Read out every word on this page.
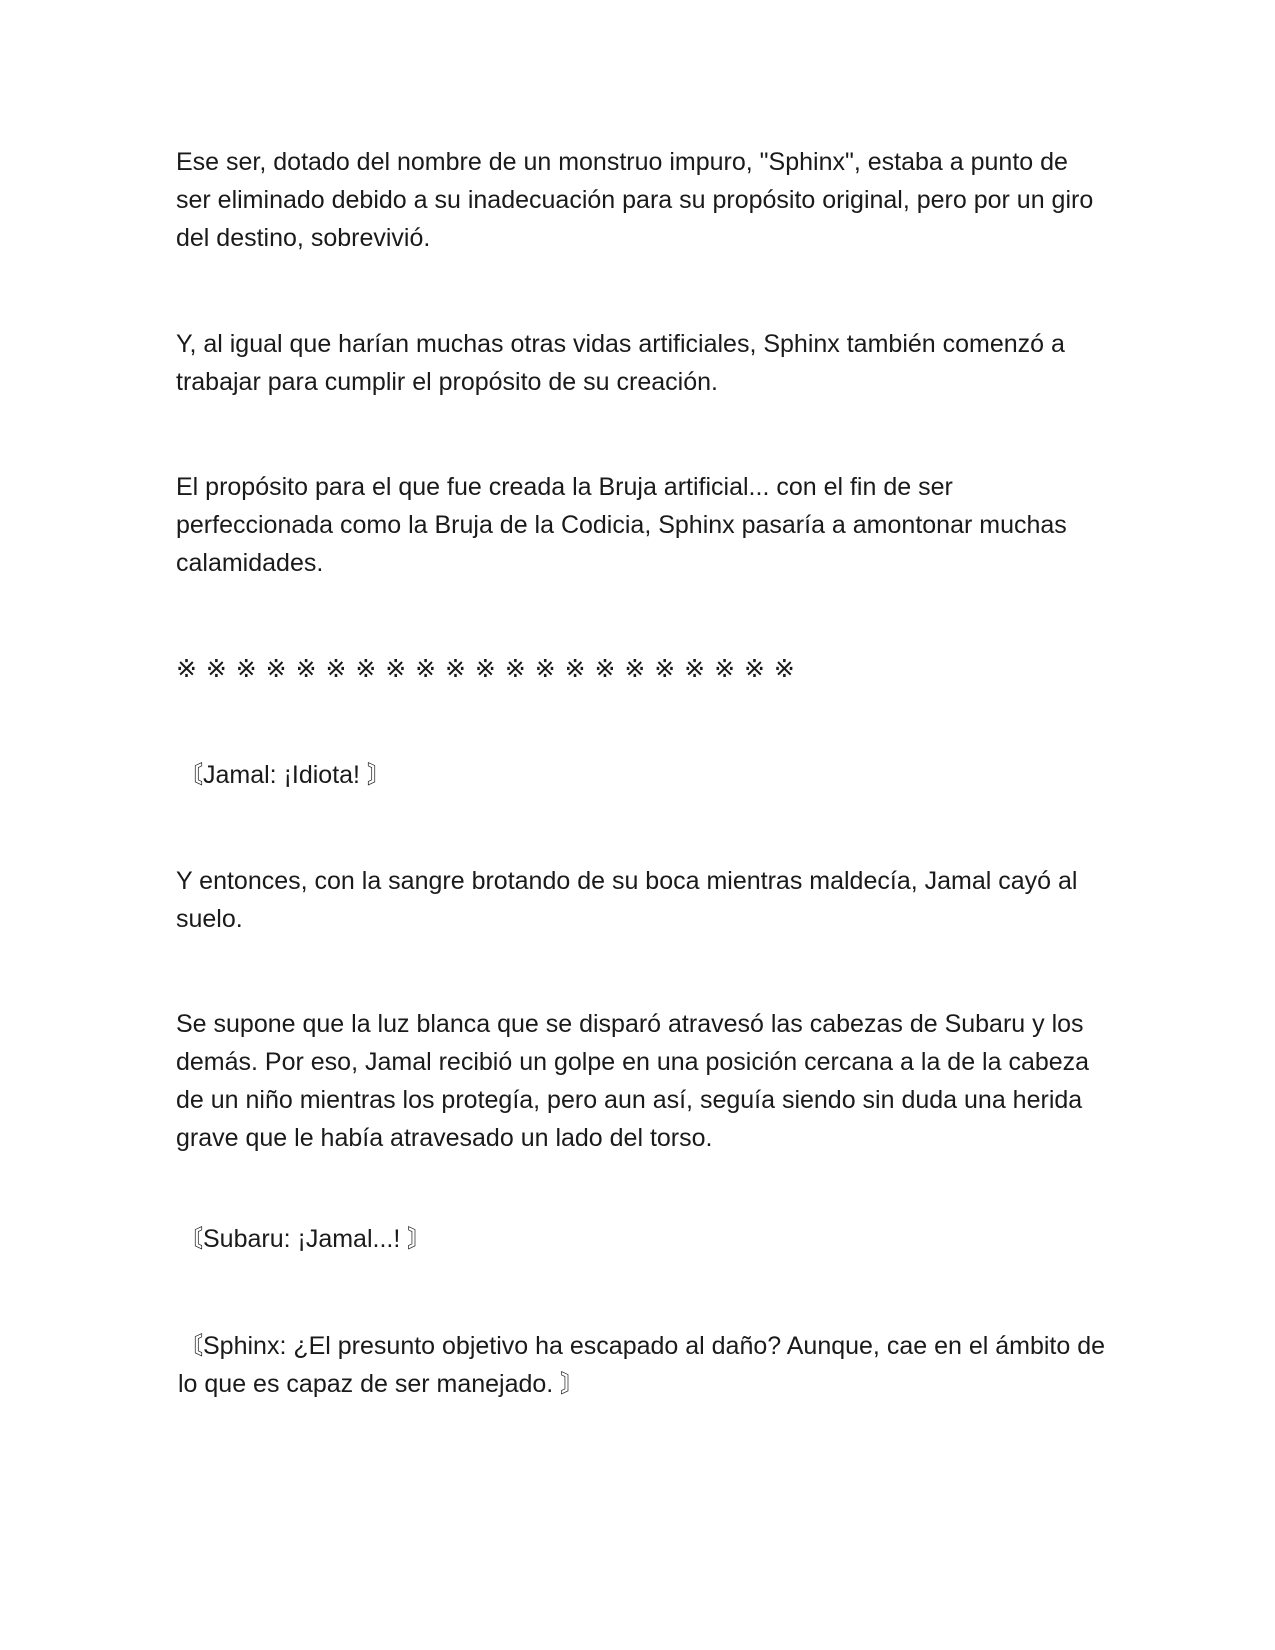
Ese ser, dotado del nombre de un monstruo impuro, "Sphinx", estaba a punto de ser eliminado debido a su inadecuación para su propósito original, pero por un giro del destino, sobrevivió.

Y, al igual que harían muchas otras vidas artificiales, Sphinx también comenzó a trabajar para cumplir el propósito de su creación.

El propósito para el que fue creada la Bruja artificial... con el fin de ser perfeccionada como la Bruja de la Codicia, Sphinx pasaría a amontonar muchas calamidades.

※ ※ ※ ※ ※ ※ ※ ※ ※ ※ ※ ※ ※ ※ ※ ※ ※ ※ ※ ※ ※

〘Jamal: ¡Idiota! 〙

Y entonces, con la sangre brotando de su boca mientras maldecía, Jamal cayó al suelo.

Se supone que la luz blanca que se disparó atravesó las cabezas de Subaru y los demás. Por eso, Jamal recibió un golpe en una posición cercana a la de la cabeza de un niño mientras los protegía, pero aun así, seguía siendo sin duda una herida grave que le había atravesado un lado del torso.

〘Subaru: ¡Jamal...! 〙

〘Sphinx: ¿El presunto objetivo ha escapado al daño? Aunque, cae en el ámbito de lo que es capaz de ser manejado. 〙
